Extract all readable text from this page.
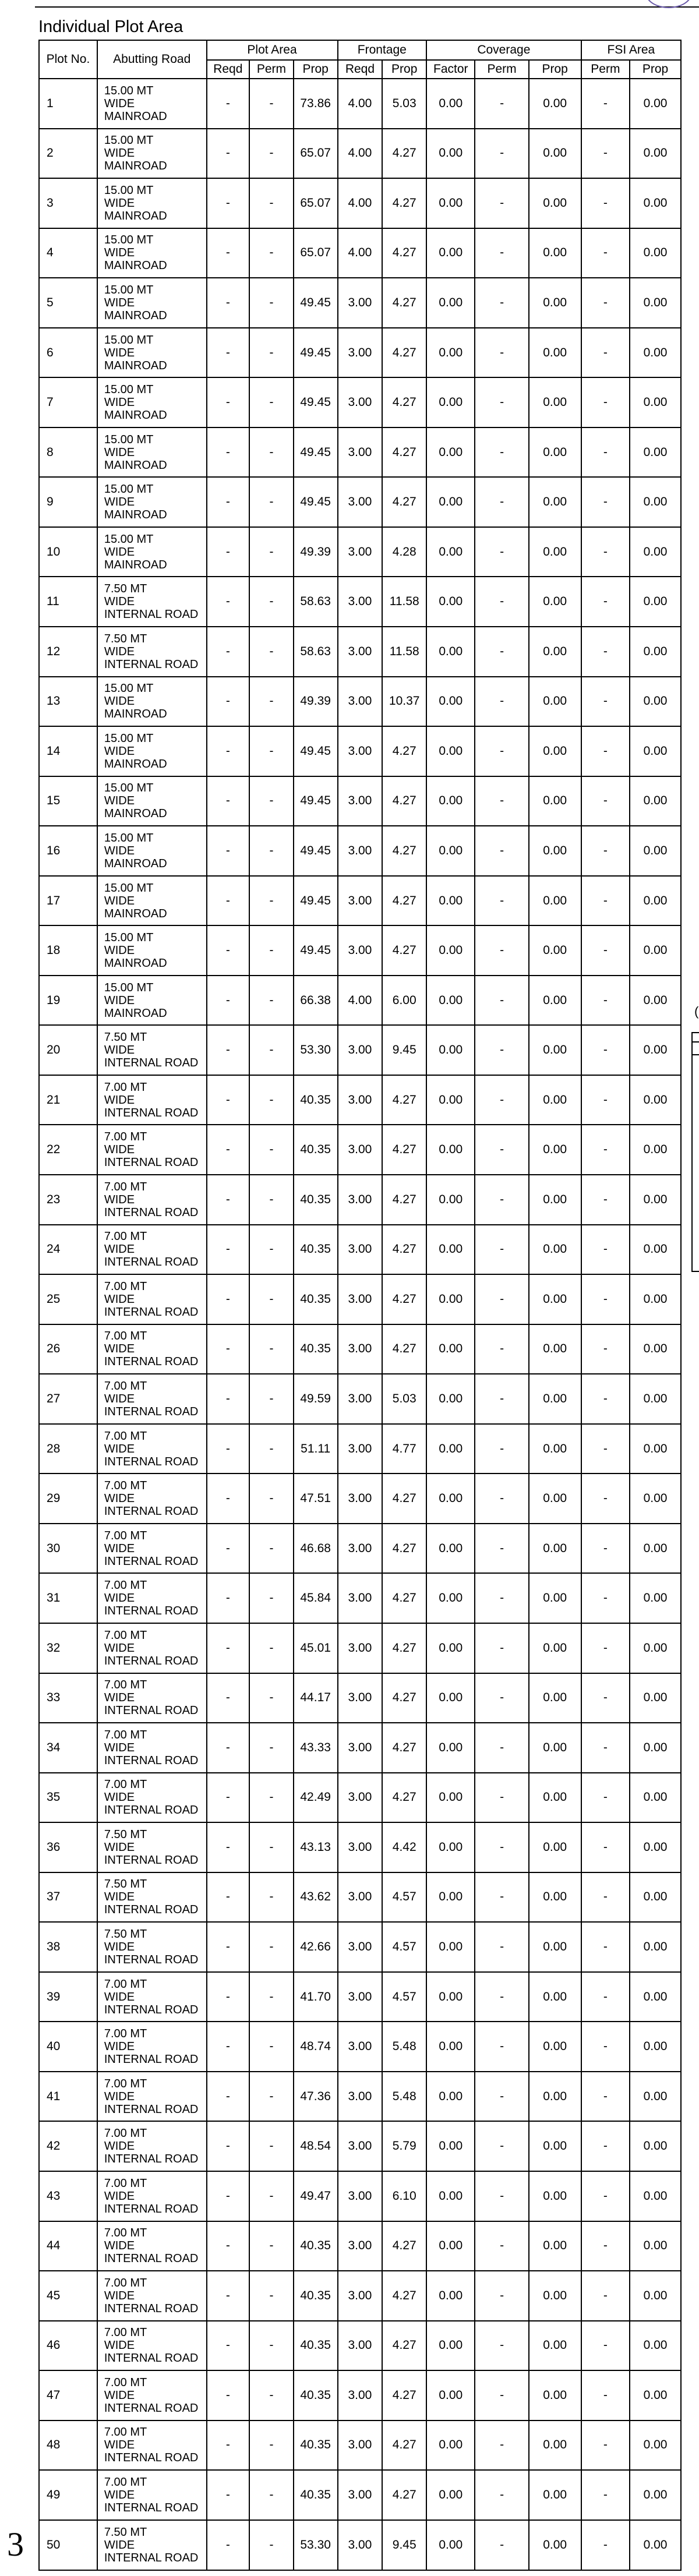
(
Individual Plot Area
Plot No.	Abutting Road	Plot Area			Frontage		Coverage			FSI Area	
		Reqd	Perm	Prop	Reqd	Prop	Factor	Perm	Prop	Perm	Prop
1	15.00 MT
WIDE
MAINROAD	-	-	73.86	4.00	5.03	0.00	-	0.00	-	0.00
2	15.00 MT
WIDE
MAINROAD	-	-	65.07	4.00	4.27	0.00	-	0.00	-	0.00
3	15.00 MT
WIDE
MAINROAD	-	-	65.07	4.00	4.27	0.00	-	0.00	-	0.00
4	15.00 MT
WIDE
MAINROAD	-	-	65.07	4.00	4.27	0.00	-	0.00	-	0.00
5	15.00 MT
WIDE
MAINROAD	-	-	49.45	3.00	4.27	0.00	-	0.00	-	0.00
6	15.00 MT
WIDE
MAINROAD	-	-	49.45	3.00	4.27	0.00	-	0.00	-	0.00
7	15.00 MT
WIDE
MAINROAD	-	-	49.45	3.00	4.27	0.00	-	0.00	-	0.00
8	15.00 MT
WIDE
MAINROAD	-	-	49.45	3.00	4.27	0.00	-	0.00	-	0.00
9	15.00 MT
WIDE
MAINROAD	-	-	49.45	3.00	4.27	0.00	-	0.00	-	0.00
10	15.00 MT
WIDE
MAINROAD	-	-	49.39	3.00	4.28	0.00	-	0.00	-	0.00
11	7.50 MT
WIDE
INTERNAL ROAD	-	-	58.63	3.00	11.58	0.00	-	0.00	-	0.00
12	7.50 MT
WIDE
INTERNAL ROAD	-	-	58.63	3.00	11.58	0.00	-	0.00	-	0.00
13	15.00 MT
WIDE
MAINROAD	-	-	49.39	3.00	10.37	0.00	-	0.00	-	0.00
14	15.00 MT
WIDE
MAINROAD	-	-	49.45	3.00	4.27	0.00	-	0.00	-	0.00
15	15.00 MT
WIDE
MAINROAD	-	-	49.45	3.00	4.27	0.00	-	0.00	-	0.00
16	15.00 MT
WIDE
MAINROAD	-	-	49.45	3.00	4.27	0.00	-	0.00	-	0.00
17	15.00 MT
WIDE
MAINROAD	-	-	49.45	3.00	4.27	0.00	-	0.00	-	0.00
18	15.00 MT
WIDE
MAINROAD	-	-	49.45	3.00	4.27	0.00	-	0.00	-	0.00
19	15.00 MT
WIDE
MAINROAD	-	-	66.38	4.00	6.00	0.00	-	0.00	-	0.00
20	7.50 MT
WIDE
INTERNAL ROAD	-	-	53.30	3.00	9.45	0.00	-	0.00	-	0.00
21	7.00 MT
WIDE
INTERNAL ROAD	-	-	40.35	3.00	4.27	0.00	-	0.00	-	0.00
22	7.00 MT
WIDE
INTERNAL ROAD	-	-	40.35	3.00	4.27	0.00	-	0.00	-	0.00
23	7.00 MT
WIDE
INTERNAL ROAD	-	-	40.35	3.00	4.27	0.00	-	0.00	-	0.00
24	7.00 MT
WIDE
INTERNAL ROAD	-	-	40.35	3.00	4.27	0.00	-	0.00	-	0.00
25	7.00 MT
WIDE
INTERNAL ROAD	-	-	40.35	3.00	4.27	0.00	-	0.00	-	0.00
26	7.00 MT
WIDE
INTERNAL ROAD	-	-	40.35	3.00	4.27	0.00	-	0.00	-	0.00
27	7.00 MT
WIDE
INTERNAL ROAD	-	-	49.59	3.00	5.03	0.00	-	0.00	-	0.00
28	7.00 MT
WIDE
INTERNAL ROAD	-	-	51.11	3.00	4.77	0.00	-	0.00	-	0.00
29	7.00 MT
WIDE
INTERNAL ROAD	-	-	47.51	3.00	4.27	0.00	-	0.00	-	0.00
30	7.00 MT
WIDE
INTERNAL ROAD	-	-	46.68	3.00	4.27	0.00	-	0.00	-	0.00
31	7.00 MT
WIDE
INTERNAL ROAD	-	-	45.84	3.00	4.27	0.00	-	0.00	-	0.00
32	7.00 MT
WIDE
INTERNAL ROAD	-	-	45.01	3.00	4.27	0.00	-	0.00	-	0.00
33	7.00 MT
WIDE
INTERNAL ROAD	-	-	44.17	3.00	4.27	0.00	-	0.00	-	0.00
34	7.00 MT
WIDE
INTERNAL ROAD	-	-	43.33	3.00	4.27	0.00	-	0.00	-	0.00
35	7.00 MT
WIDE
INTERNAL ROAD	-	-	42.49	3.00	4.27	0.00	-	0.00	-	0.00
36	7.50 MT
WIDE
INTERNAL ROAD	-	-	43.13	3.00	4.42	0.00	-	0.00	-	0.00
37	7.50 MT
WIDE
INTERNAL ROAD	-	-	43.62	3.00	4.57	0.00	-	0.00	-	0.00
38	7.50 MT
WIDE
INTERNAL ROAD	-	-	42.66	3.00	4.57	0.00	-	0.00	-	0.00
39	7.00 MT
WIDE
INTERNAL ROAD	-	-	41.70	3.00	4.57	0.00	-	0.00	-	0.00
40	7.00 MT
WIDE
INTERNAL ROAD	-	-	48.74	3.00	5.48	0.00	-	0.00	-	0.00
41	7.00 MT
WIDE
INTERNAL ROAD	-	-	47.36	3.00	5.48	0.00	-	0.00	-	0.00
42	7.00 MT
WIDE
INTERNAL ROAD	-	-	48.54	3.00	5.79	0.00	-	0.00	-	0.00
43	7.00 MT
WIDE
INTERNAL ROAD	-	-	49.47	3.00	6.10	0.00	-	0.00	-	0.00
44	7.00 MT
WIDE
INTERNAL ROAD	-	-	40.35	3.00	4.27	0.00	-	0.00	-	0.00
45	7.00 MT
WIDE
INTERNAL ROAD	-	-	40.35	3.00	4.27	0.00	-	0.00	-	0.00
46	7.00 MT
WIDE
INTERNAL ROAD	-	-	40.35	3.00	4.27	0.00	-	0.00	-	0.00
47	7.00 MT
WIDE
INTERNAL ROAD	-	-	40.35	3.00	4.27	0.00	-	0.00	-	0.00
48	7.00 MT
WIDE
INTERNAL ROAD	-	-	40.35	3.00	4.27	0.00	-	0.00	-	0.00
49	7.00 MT
WIDE
INTERNAL ROAD	-	-	40.35	3.00	4.27	0.00	-	0.00	-	0.00
50	7.50 MT
WIDE
INTERNAL ROAD	-	-	53.30	3.00	9.45	0.00	-	0.00	-	0.00
3
